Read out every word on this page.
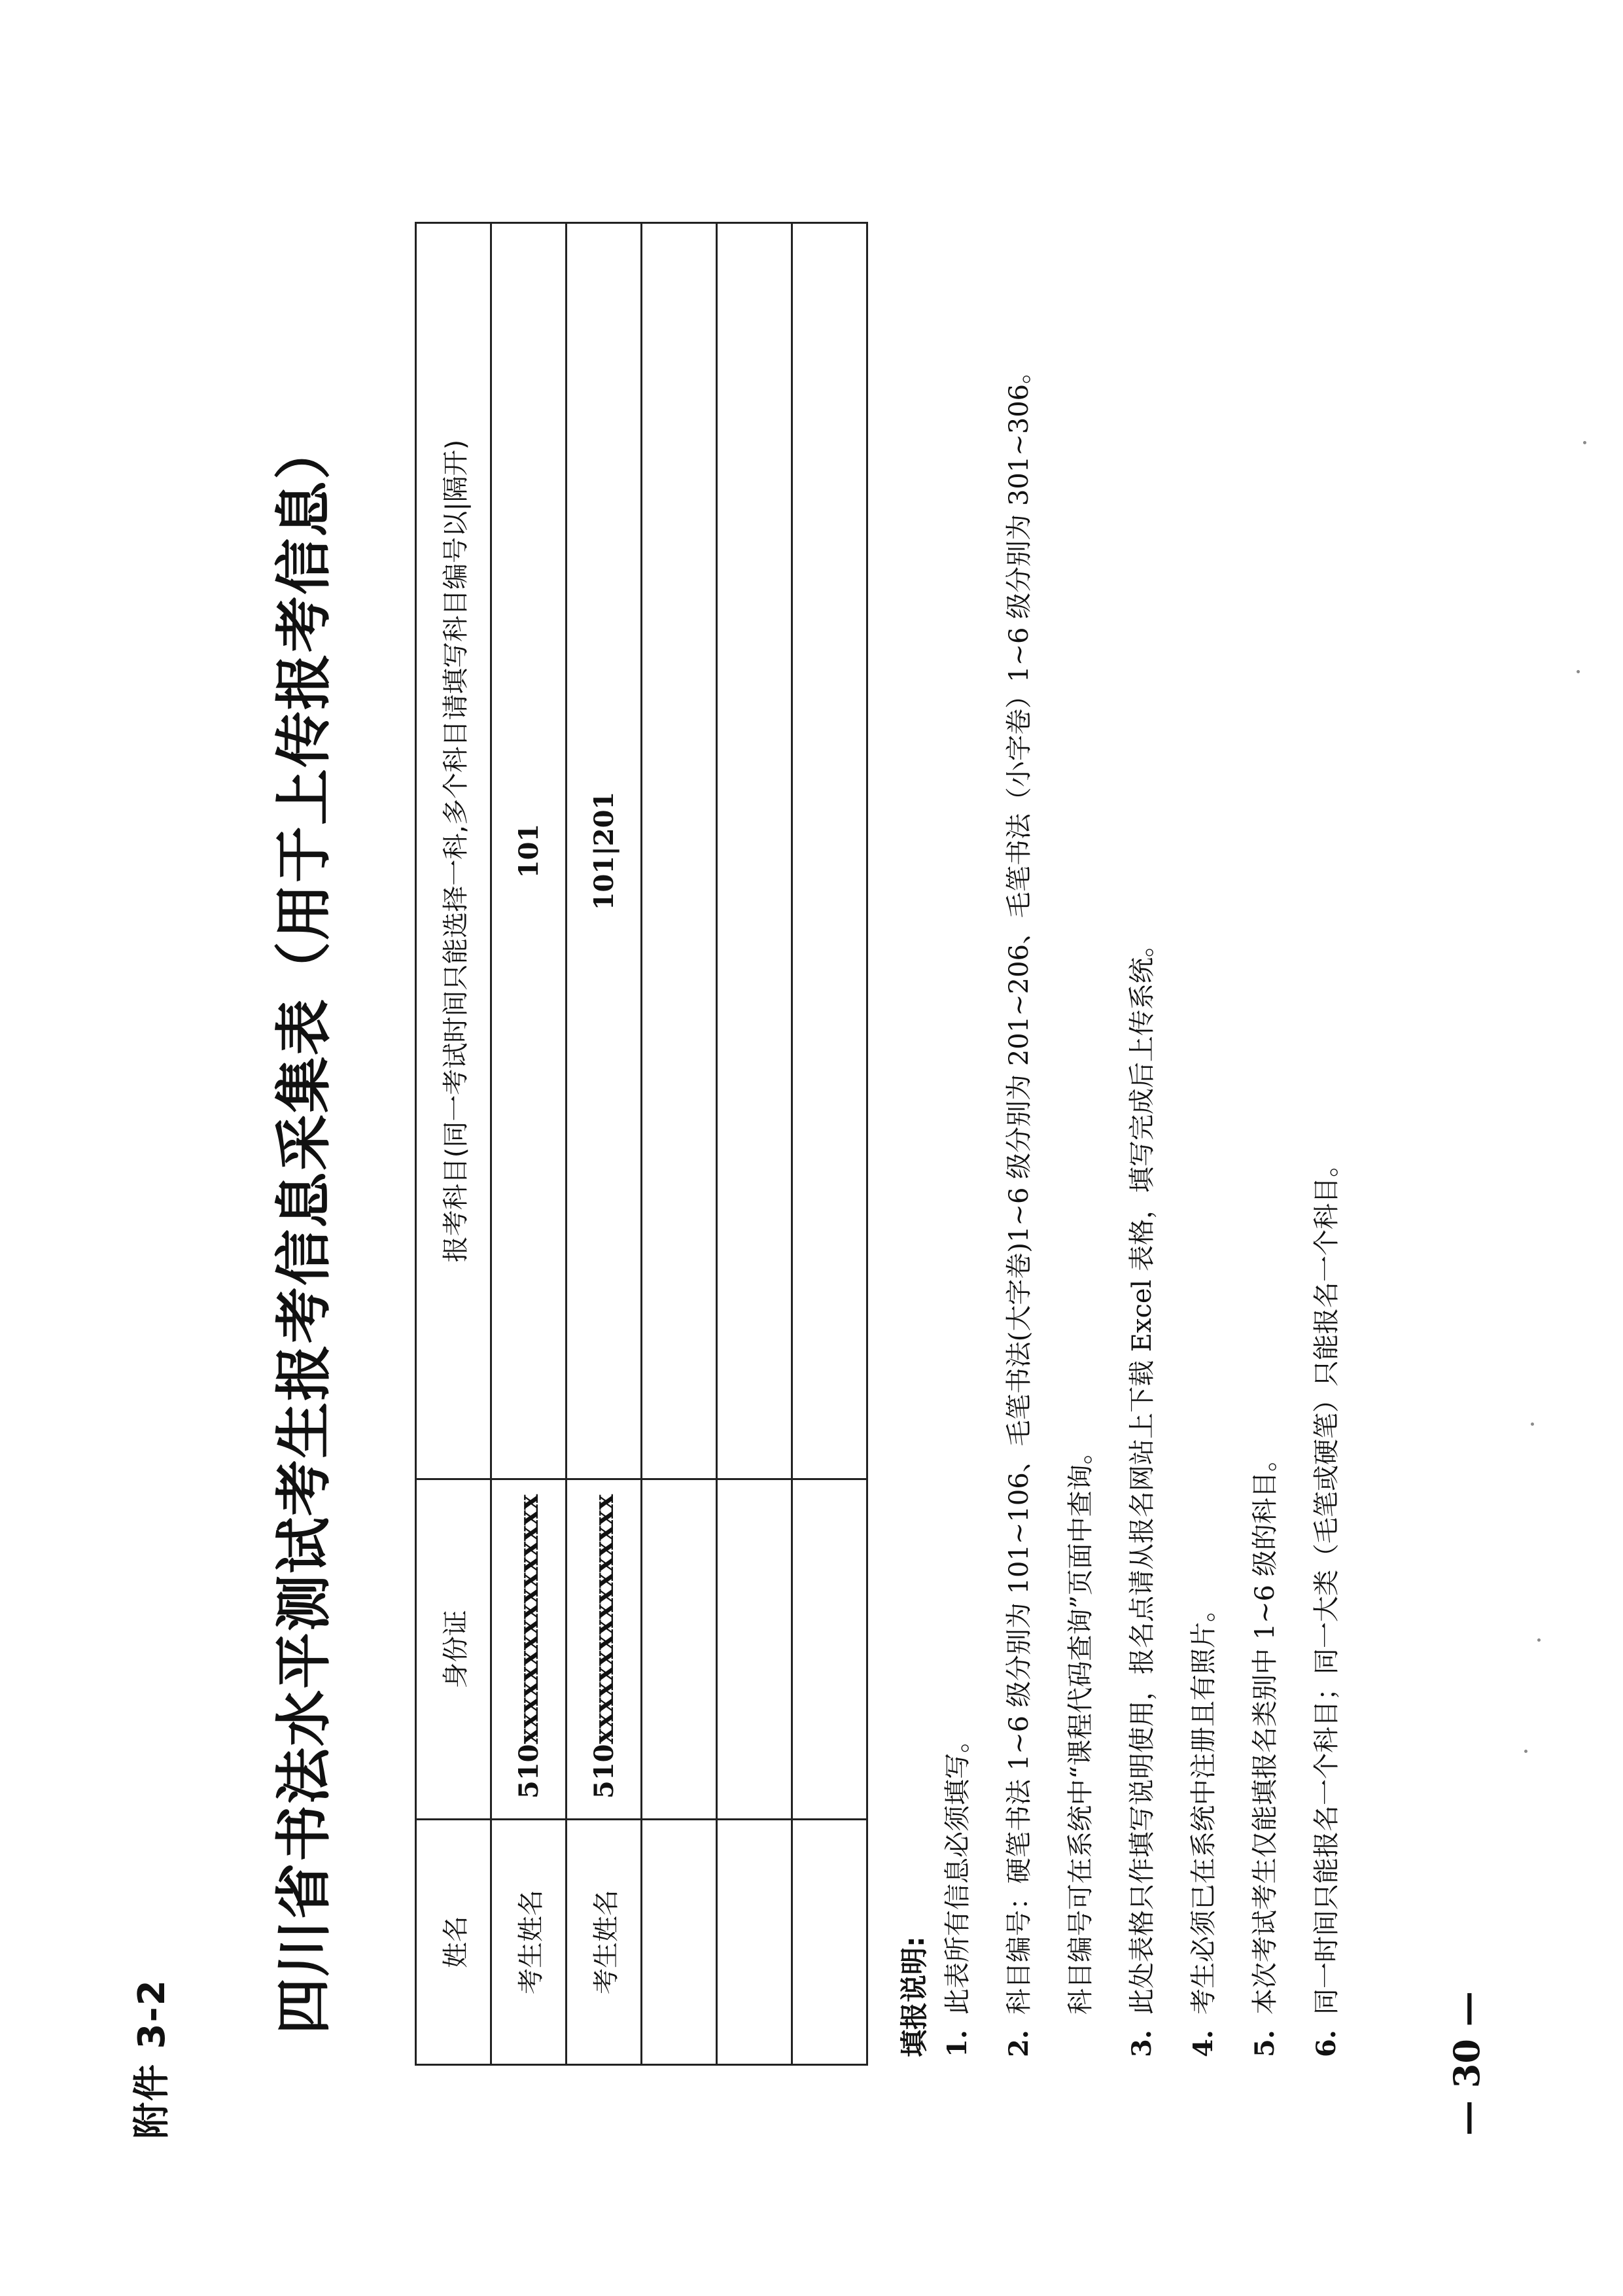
附件 3-2
四川省书法水平测试考生报考信息采集表（用于上传报考信息）	姓名	身份证	报考科目(同一考试时间只能选择一科,多个科目请填写科目编号以|隔开)
考生姓名	510xxxxxxxxxxxxxxxx	101
考生姓名	510xxxxxxxxxxxxxxxx	101|201

填报说明: 1.
此表所有信息必须填写。
2.
科目编号：硬笔书法 1~6 级分别为 101~106、毛笔书法(大字卷)1~6 级分别为 201~206、毛笔书法（小字卷）1~6 级分别为 301~306。 科目编号可在系统中“课程代码查询”页面中查询。
3.
此处表格只作填写说明使用，报名点请从报名网站上下载 Excel 表格，填写完成后上传系统。
4.
考生必须已在系统中注册且有照片。
5.
本次考试考生仅能填报名类别中 1~6 级的科目。
6.
同一时间只能报名一个科目；同一大类（毛笔或硬笔）只能报名一个科目。
— 30 —
